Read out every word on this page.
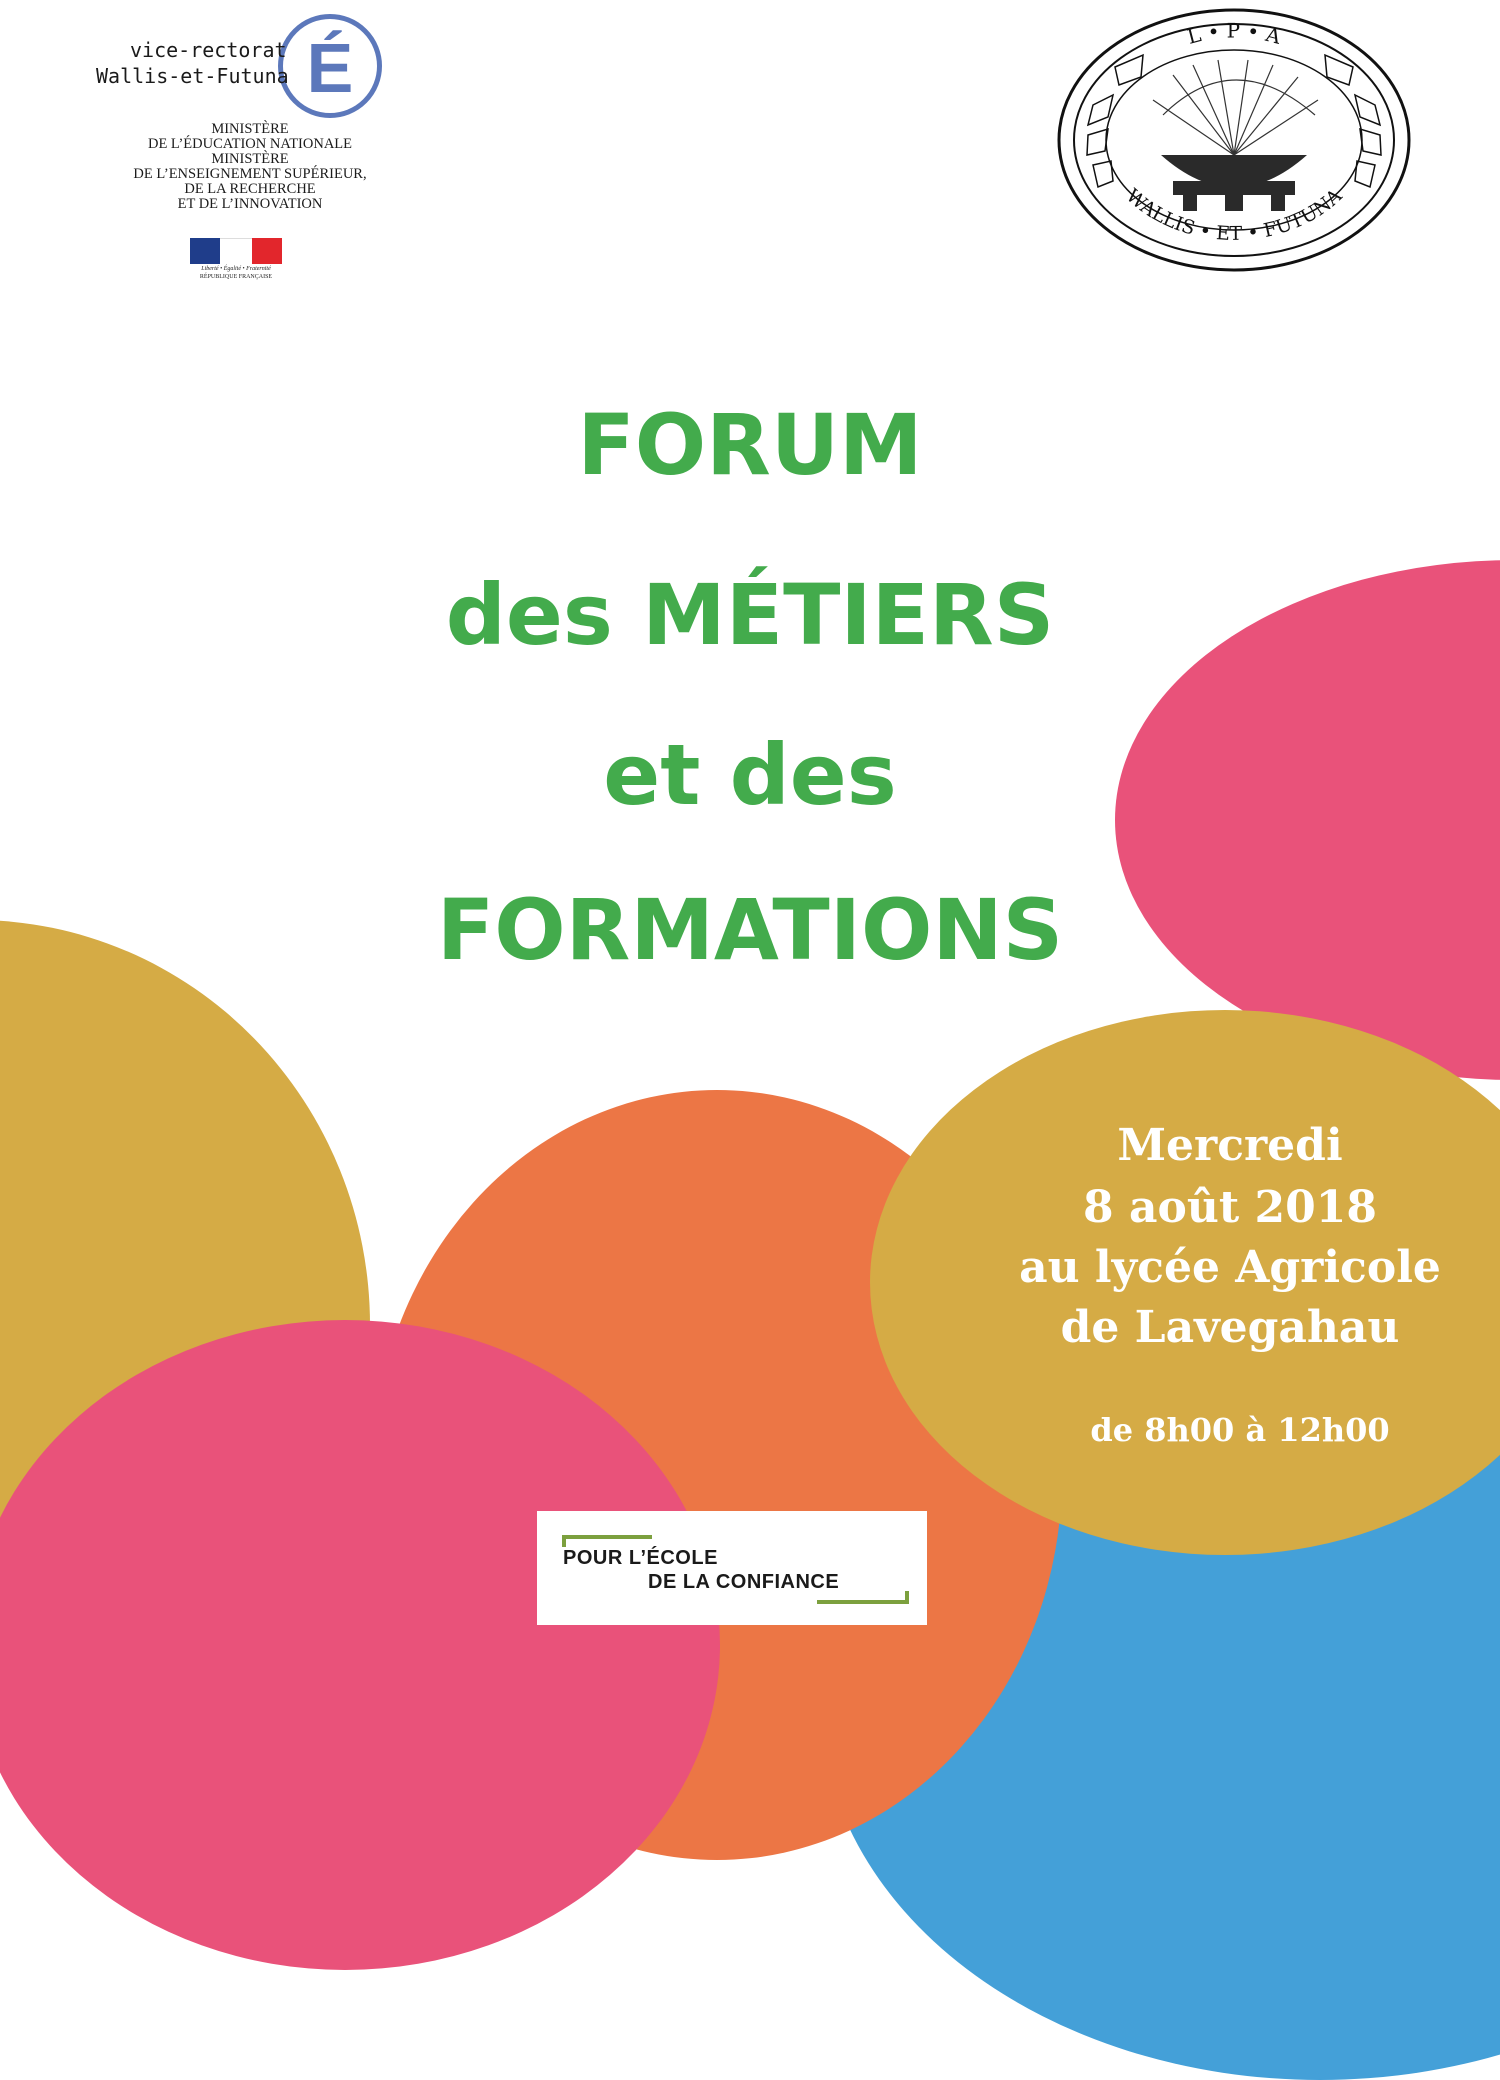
É
vice-rectorat
Wallis-et-Futuna
MINISTÈRE
DE L’ÉDUCATION NATIONALE
MINISTÈRE
DE L’ENSEIGNEMENT SUPÉRIEUR,
DE LA RECHERCHE
ET DE L’INNOVATION
Liberté • Égalité • Fraternité
RÉPUBLIQUE FRANÇAISE
L • P • A
WALLIS • ET • FUTUNA
FORUM
des MÉTIERS
et des
FORMATIONS
Mercredi
8 août 2018
au lycée Agricole
de Lavegahau
de 8h00 à 12h00
POUR L’ÉCOLE
DE LA CONFIANCE
